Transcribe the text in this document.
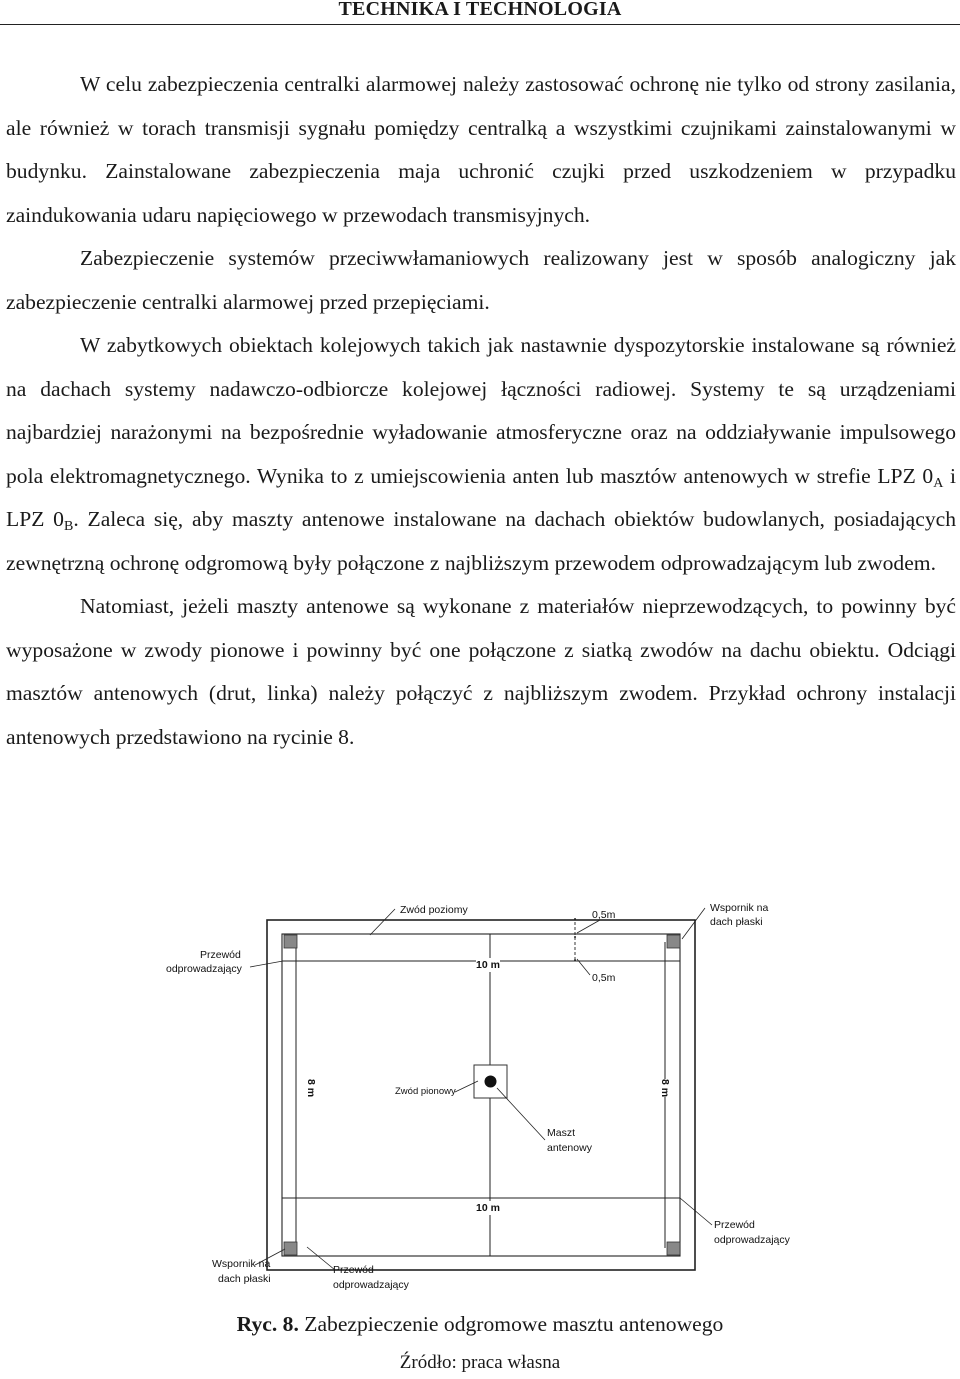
TECHNIKA I TECHNOLOGIA

W celu zabezpieczenia centralki alarmowej należy zastosować ochronę nie tylko od strony zasilania, ale również w torach transmisji sygnału pomiędzy centralką a wszystkimi czujnikami zainstalowanymi w budynku. Zainstalowane zabezpieczenia maja uchronić czujki przed uszkodzeniem w przypadku zaindukowania udaru napięciowego w przewodach transmisyjnych.

Zabezpieczenie systemów przeciwwłamaniowych realizowany jest w sposób analogiczny jak zabezpieczenie centralki alarmowej przed przepięciami.

W zabytkowych obiektach kolejowych takich jak nastawnie dyspozytorskie instalowane są również na dachach systemy nadawczo-odbiorcze kolejowej łączności radiowej. Systemy te są urządzeniami najbardziej narażonymi na bezpośrednie wyładowanie atmosferyczne oraz na oddziaływanie impulsowego pola elektromagnetycznego. Wynika to z umiejscowienia anten lub masztów antenowych w strefie LPZ $0_A$ i LPZ $0_B$. Zaleca się, aby maszty antenowe instalowane na dachach obiektów budowlanych, posiadających zewnętrzną ochronę odgromową były połączone z najbliższym przewodem odprowadzającym lub zwodem.

Natomiast, jeżeli maszty antenowe są wykonane z materiałów nieprzewodzących, to powinny być wyposażone w zwody pionowe i powinny być one połączone z siatką zwodów na dachu obiektu. Odciągi masztów antenowych (drut, linka) należy połączyć z najbliższym zwodem. Przykład ochrony instalacji antenowych przedstawiono na rycinie 8.

•
•
•
Zwód poziomy	0,5m
Wspornik na
dach płaski
Przewód
odprowadzający	10 m
0,5m
8 m	8 m
Zwód pionowy
Maszt
antenowy
10 m
Przewód
odprowadzający
Wspornik na
dach płaski
Przewód
odprowadzający
Ryc. 8. Zabezpieczenie odgromowe masztu antenowego
Źródło: praca własna
